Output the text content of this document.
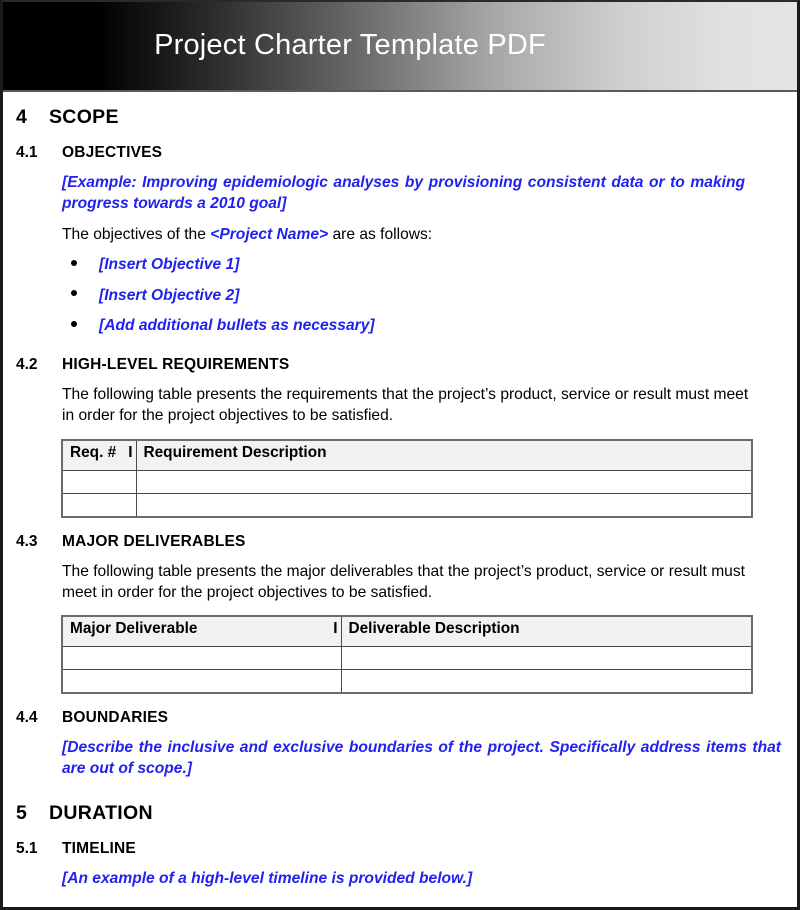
Project Charter Template PDF
4	SCOPE
4.1	OBJECTIVES
[Example: Improving epidemiologic analyses by provisioning consistent data or to making progress towards a 2010 goal]
The objectives of the <Project Name> are as follows:
[Insert Objective 1]
[Insert Objective 2]
[Add additional bullets as necessary]
4.2	HIGH-LEVEL REQUIREMENTS
The following table presents the requirements that the project’s product, service or result must meet in order for the project objectives to be satisfied.
Req. # I	Requirement Description

4.3	MAJOR DELIVERABLES
The following table presents the major deliverables that the project’s product, service or result must meet in order for the project objectives to be satisfied.
Major Deliverable I	Deliverable Description

4.4	BOUNDARIES
[Describe the inclusive and exclusive boundaries of the project. Specifically address items that are out of scope.]
5	DURATION
5.1	TIMELINE
[An example of a high-level timeline is provided below.]
